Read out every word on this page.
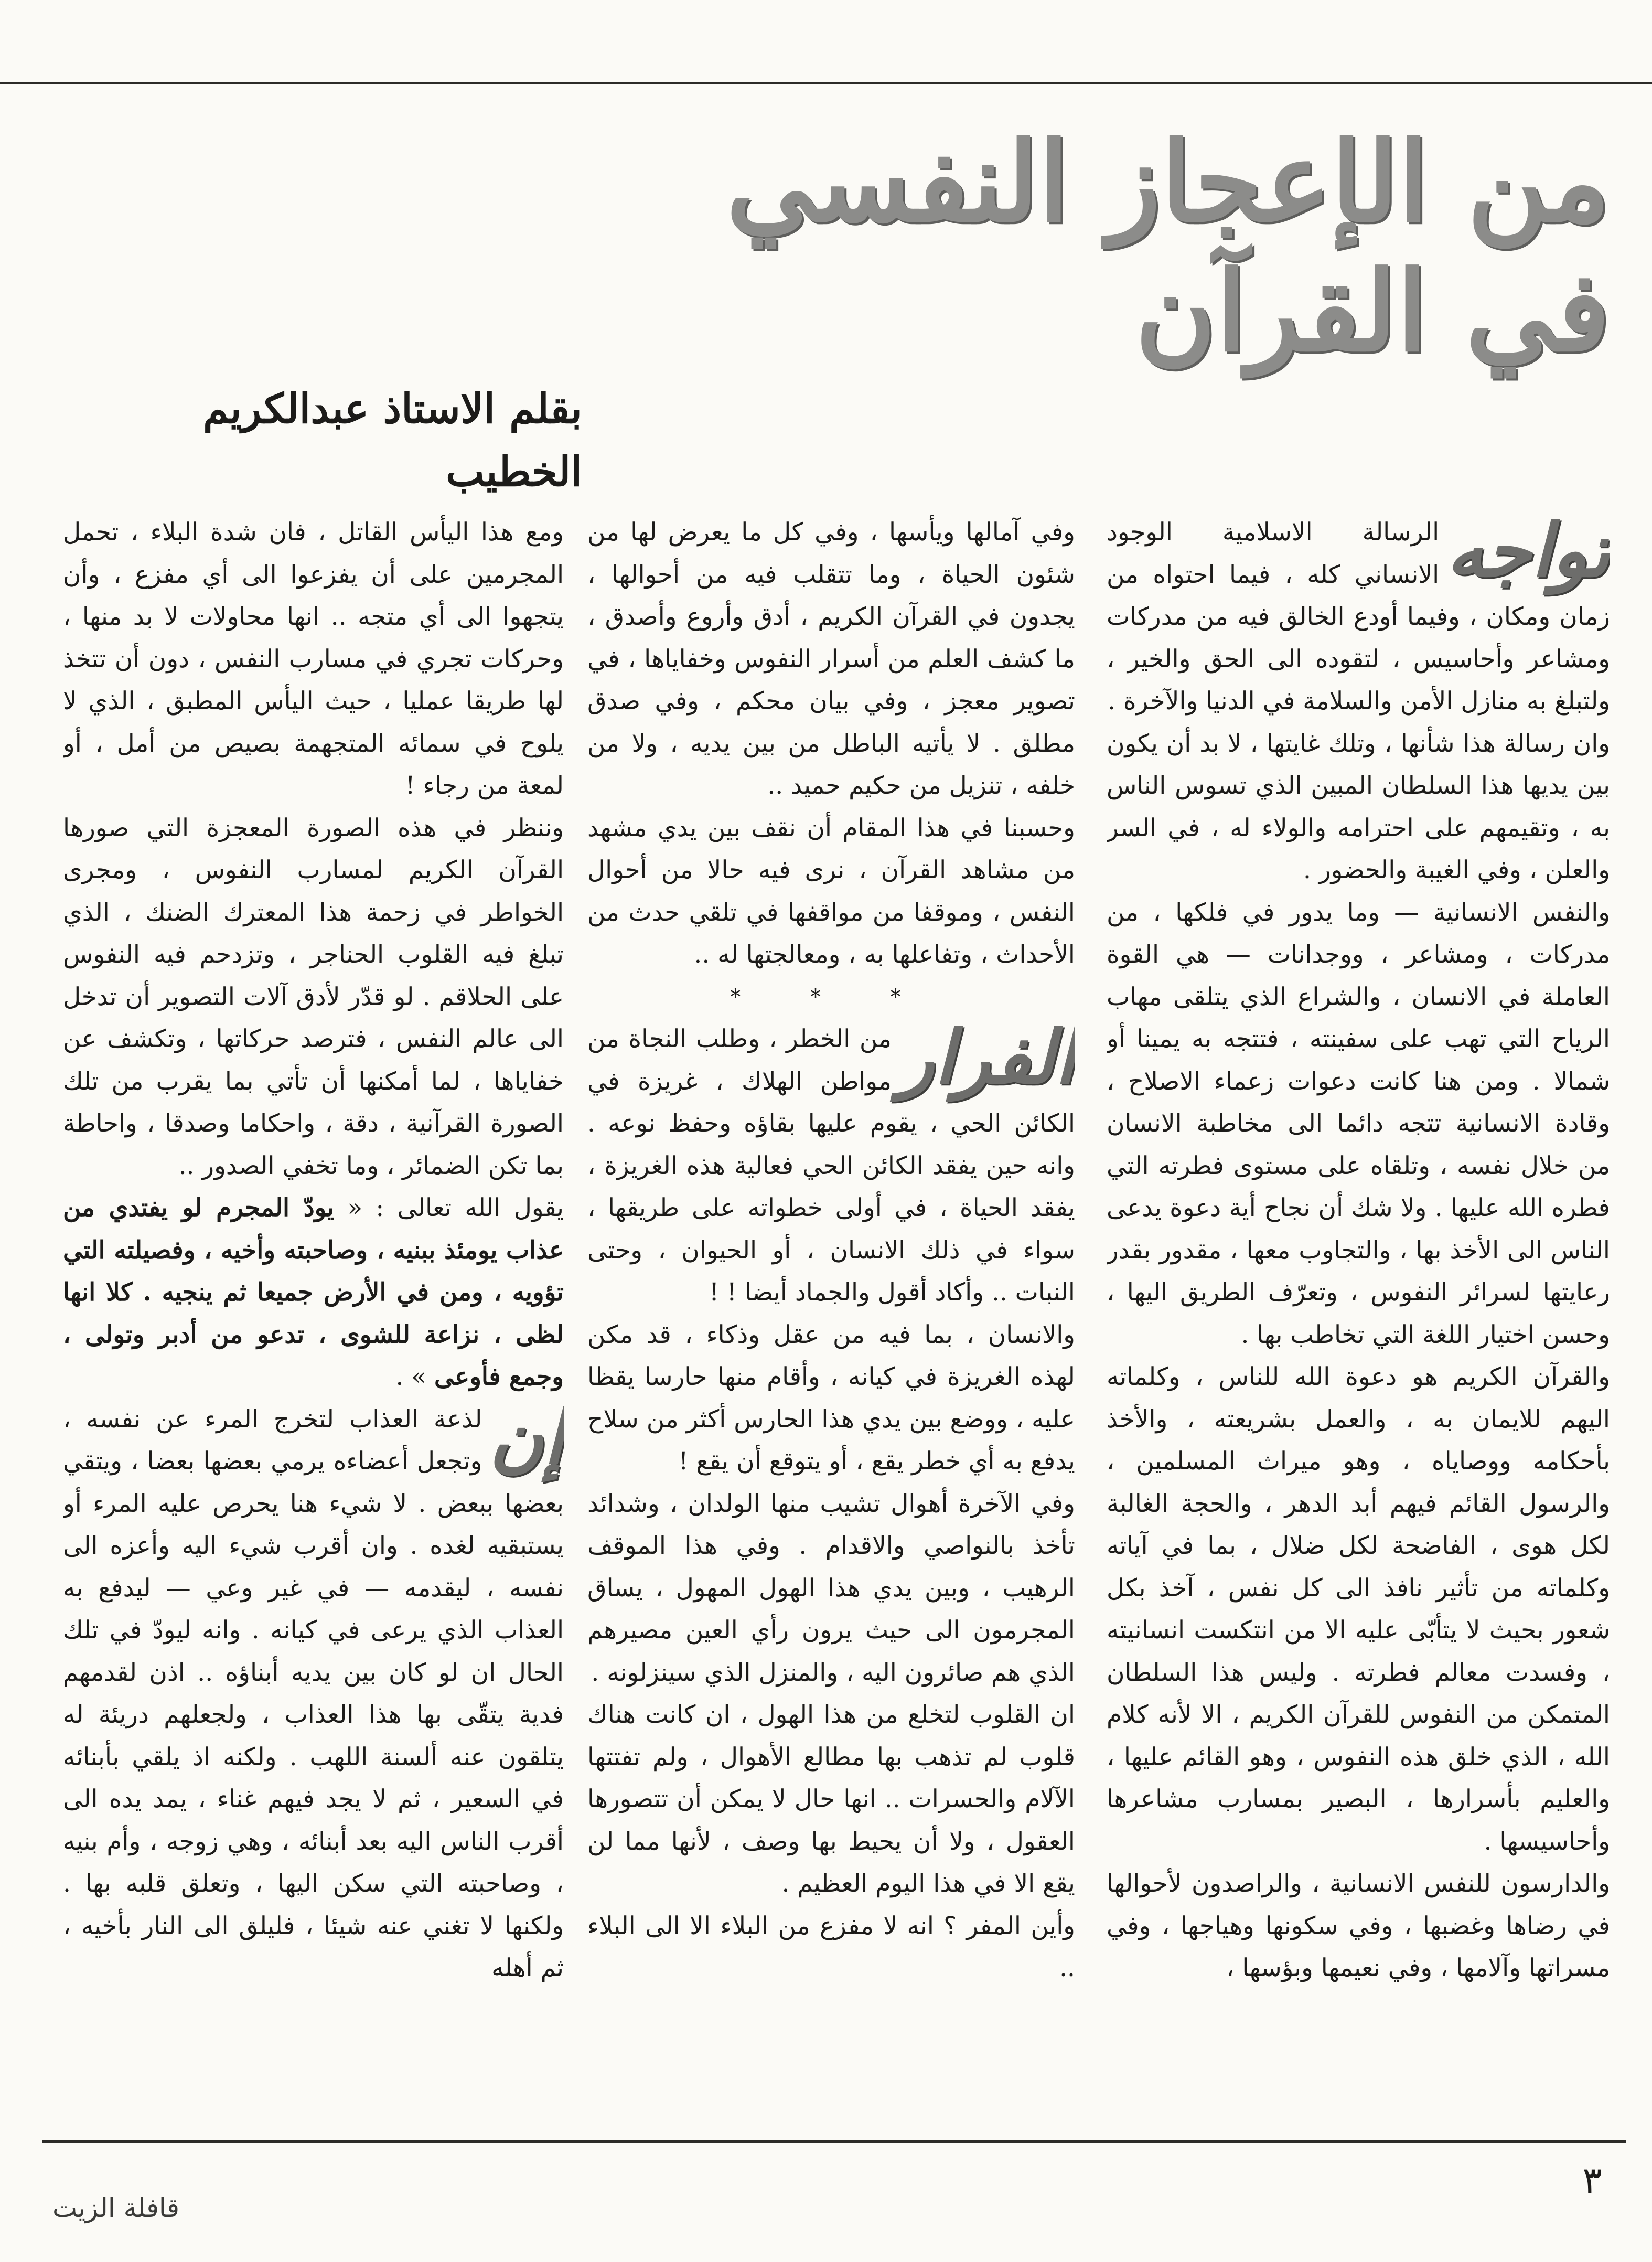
من الإعجاز النفسي في القرآن
بقلم الاستاذ عبدالكريم الخطيب

تواجه
الرسالة الاسلامية الوجود الانساني كله ، فيما احتواه من زمان ومكان ، وفيما أودع الخالق فيه من مدركات ومشاعر وأحاسيس ، لتقوده الى الحق والخير ، ولتبلغ به منازل الأمن والسلامة في الدنيا والآخرة .

وان رسالة هذا شأنها ، وتلك غايتها ، لا بد أن يكون بين يديها هذا السلطان المبين الذي تسوس الناس به ، وتقيمهم على احترامه والولاء له ، في السر والعلن ، وفي الغيبة والحضور .

والنفس الانسانية — وما يدور في فلكها ، من مدركات ، ومشاعر ، ووجدانات — هي القوة العاملة في الانسان ، والشراع الذي يتلقى مهاب الرياح التي تهب على سفينته ، فتتجه به يمينا أو شمالا . ومن هنا كانت دعوات زعماء الاصلاح ، وقادة الانسانية تتجه دائما الى مخاطبة الانسان من خلال نفسه ، وتلقاه على مستوى فطرته التي فطره الله عليها . ولا شك أن نجاح أية دعوة يدعى الناس الى الأخذ بها ، والتجاوب معها ، مقدور بقدر رعايتها لسرائر النفوس ، وتعرّف الطريق اليها ، وحسن اختيار اللغة التي تخاطب بها .

والقرآن الكريم هو دعوة الله للناس ، وكلماته اليهم للايمان به ، والعمل بشريعته ، والأخذ بأحكامه ووصاياه ، وهو ميراث المسلمين ، والرسول القائم فيهم أبد الدهر ، والحجة الغالبة لكل هوى ، الفاضحة لكل ضلال ، بما في آياته وكلماته من تأثير نافذ الى كل نفس ، آخذ بكل شعور بحيث لا يتأبّى عليه الا من انتكست انسانيته ، وفسدت معالم فطرته . وليس هذا السلطان المتمكن من النفوس للقرآن الكريم ، الا لأنه كلام الله ، الذي خلق هذه النفوس ، وهو القائم عليها ، والعليم بأسرارها ، البصير بمسارب مشاعرها وأحاسيسها .

والدارسون للنفس الانسانية ، والراصدون لأحوالها في رضاها وغضبها ، وفي سكونها وهياجها ، وفي مسراتها وآلامها ، وفي نعيمها وبؤسها ،

وفي آمالها ويأسها ، وفي كل ما يعرض لها من شئون الحياة ، وما تتقلب فيه من أحوالها ، يجدون في القرآن الكريم ، أدق وأروع وأصدق ، ما كشف العلم من أسرار النفوس وخفاياها ، في تصوير معجز ، وفي بيان محكم ، وفي صدق مطلق . لا يأتيه الباطل من بين يديه ، ولا من خلفه ، تنزيل من حكيم حميد ..

وحسبنا في هذا المقام أن نقف بين يدي مشهد من مشاهد القرآن ، نرى فيه حالا من أحوال النفس ، وموقفا من مواقفها في تلقي حدث من الأحداث ، وتفاعلها به ، ومعالجتها له ..

* * *

الفرار
من الخطر ، وطلب النجاة من مواطن الهلاك ، غريزة في الكائن الحي ، يقوم عليها بقاؤه وحفظ نوعه . وانه حين يفقد الكائن الحي فعالية هذه الغريزة ، يفقد الحياة ، في أولى خطواته على طريقها ، سواء في ذلك الانسان ، أو الحيوان ، وحتى النبات .. وأكاد أقول والجماد أيضا ! !

والانسان ، بما فيه من عقل وذكاء ، قد مكن لهذه الغريزة في كيانه ، وأقام منها حارسا يقظا عليه ، ووضع بين يدي هذا الحارس أكثر من سلاح يدفع به أي خطر يقع ، أو يتوقع أن يقع !

وفي الآخرة أهوال تشيب منها الولدان ، وشدائد تأخذ بالنواصي والاقدام . وفي هذا الموقف الرهيب ، وبين يدي هذا الهول المهول ، يساق المجرمون الى حيث يرون رأي العين مصيرهم الذي هم صائرون اليه ، والمنزل الذي سينزلونه .

ان القلوب لتخلع من هذا الهول ، ان كانت هناك قلوب لم تذهب بها مطالع الأهوال ، ولم تفتتها الآلام والحسرات .. انها حال لا يمكن أن تتصورها العقول ، ولا أن يحيط بها وصف ، لأنها مما لن يقع الا في هذا اليوم العظيم .

وأين المفر ؟ انه لا مفزع من البلاء الا الى البلاء ..

ومع هذا اليأس القاتل ، فان شدة البلاء ، تحمل المجرمين على أن يفزعوا الى أي مفزع ، وأن يتجهوا الى أي متجه .. انها محاولات لا بد منها ، وحركات تجري في مسارب النفس ، دون أن تتخذ لها طريقا عمليا ، حيث اليأس المطبق ، الذي لا يلوح في سمائه المتجهمة بصيص من أمل ، أو لمعة من رجاء !

وننظر في هذه الصورة المعجزة التي صورها القرآن الكريم لمسارب النفوس ، ومجرى الخواطر في زحمة هذا المعترك الضنك ، الذي تبلغ فيه القلوب الحناجر ، وتزدحم فيه النفوس على الحلاقم . لو قدّر لأدق آلات التصوير أن تدخل الى عالم النفس ، فترصد حركاتها ، وتكشف عن خفاياها ، لما أمكنها أن تأتي بما يقرب من تلك الصورة القرآنية ، دقة ، واحكاما وصدقا ، واحاطة بما تكن الضمائر ، وما تخفي الصدور ..

يقول الله تعالى : « يودّ المجرم لو يفتدي من عذاب يومئذ ببنيه ، وصاحبته وأخيه ، وفصيلته التي تؤويه ، ومن في الأرض جميعا ثم ينجيه . كلا انها لظى ، نزاعة للشوى ، تدعو من أدبر وتولى ، وجمع فأوعى » .

إن
لذعة العذاب لتخرج المرء عن نفسه ، وتجعل أعضاءه يرمي بعضها بعضا ، ويتقي بعضها ببعض . لا شيء هنا يحرص عليه المرء أو يستبقيه لغده . وان أقرب شيء اليه وأعزه الى نفسه ، ليقدمه — في غير وعي — ليدفع به العذاب الذي يرعى في كيانه . وانه ليودّ في تلك الحال ان لو كان بين يديه أبناؤه .. اذن لقدمهم فدية يتقّى بها هذا العذاب ، ولجعلهم دريئة له يتلقون عنه ألسنة اللهب . ولكنه اذ يلقي بأبنائه في السعير ، ثم لا يجد فيهم غناء ، يمد يده الى أقرب الناس اليه بعد أبنائه ، وهي زوجه ، وأم بنيه ، وصاحبته التي سكن اليها ، وتعلق قلبه بها . ولكنها لا تغني عنه شيئا ، فليلق الى النار بأخيه ، ثم أهله

٣
قافلة الزيت
